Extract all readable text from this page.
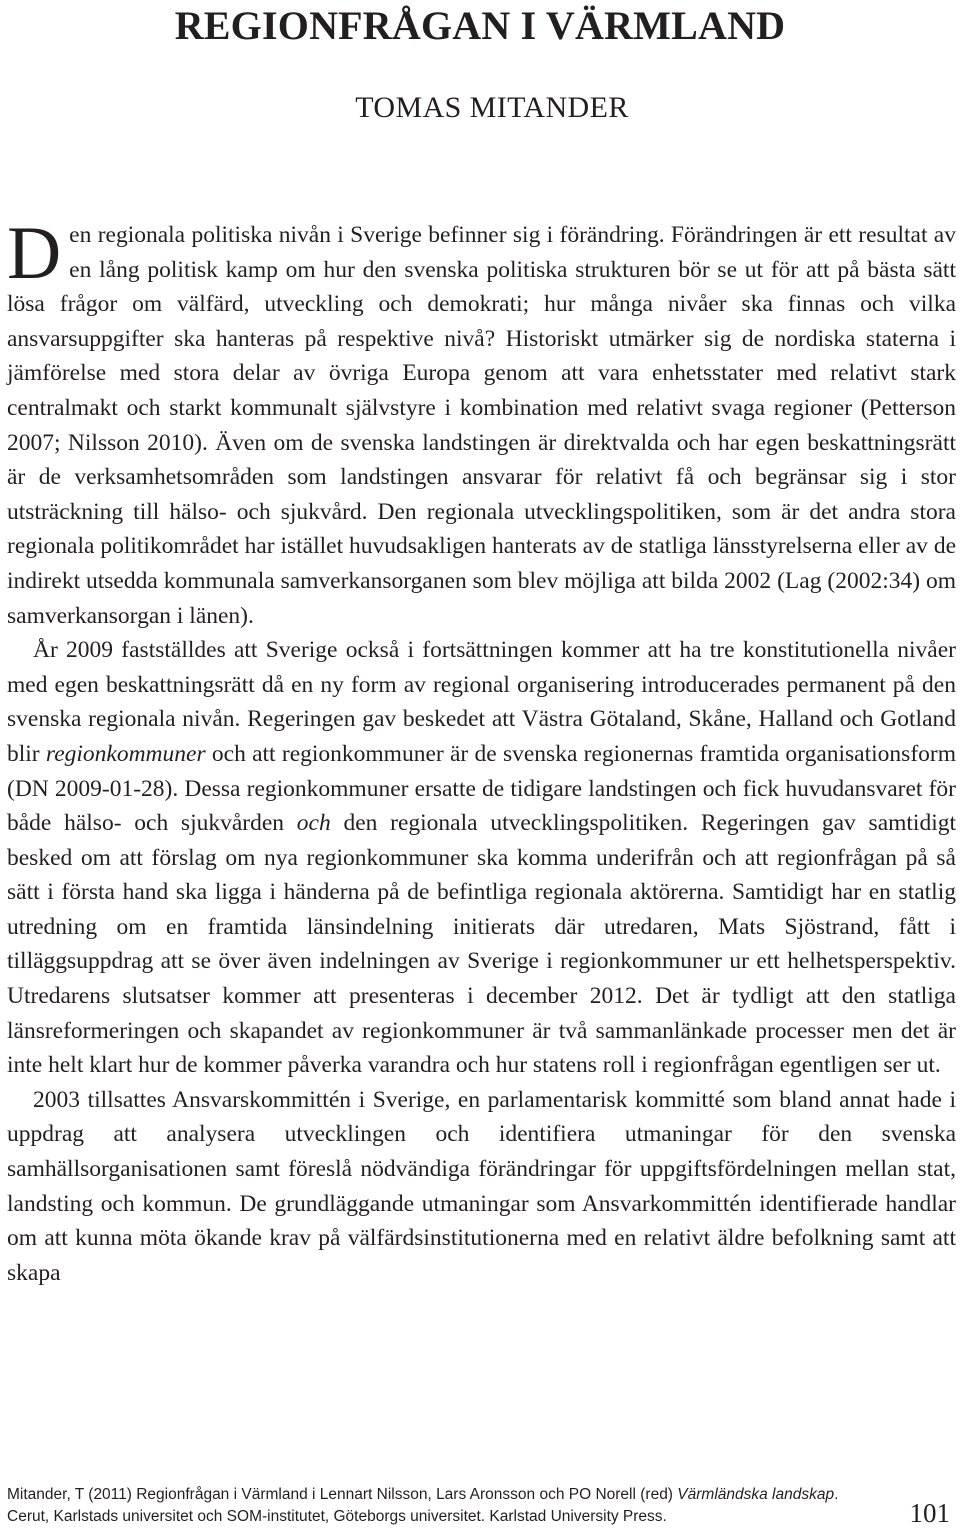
REGIONFRÅGAN I VÄRMLAND
TOMAS MITANDER

Den regionala politiska nivån i Sverige befinner sig i förändring. Förändringen är ett resultat av en lång politisk kamp om hur den svenska politiska strukturen bör se ut för att på bästa sätt lösa frågor om välfärd, utveckling och demokrati; hur många nivåer ska finnas och vilka ansvarsuppgifter ska hanteras på respektive nivå? Historiskt utmärker sig de nordiska staterna i jämförelse med stora delar av övriga Europa genom att vara enhetsstater med relativt stark centralmakt och starkt kommunalt självstyre i kombination med relativt svaga regioner (Petterson 2007; Nilsson 2010). Även om de svenska landstingen är direktvalda och har egen beskattningsrätt är de verksamhetsområden som landstingen ansvarar för relativt få och begränsar sig i stor utsträckning till hälso- och sjukvård. Den regionala utvecklingspolitiken, som är det andra stora regionala politikområdet har istället huvudsakligen hanterats av de statliga länsstyrelserna eller av de indirekt utsedda kommunala samverkansorganen som blev möjliga att bilda 2002 (Lag (2002:34) om samverkansorgan i länen).

År 2009 fastställdes att Sverige också i fortsättningen kommer att ha tre konstitutionella nivåer med egen beskattningsrätt då en ny form av regional organisering introducerades permanent på den svenska regionala nivån. Regeringen gav beskedet att Västra Götaland, Skåne, Halland och Gotland blir regionkommuner och att regionkommuner är de svenska regionernas framtida organisationsform (DN 2009-01-28). Dessa regionkommuner ersatte de tidigare landstingen och fick huvudansvaret för både hälso- och sjukvården och den regionala utvecklingspolitiken. Regeringen gav samtidigt besked om att förslag om nya regionkommuner ska komma underifrån och att regionfrågan på så sätt i första hand ska ligga i händerna på de befintliga regionala aktörerna. Samtidigt har en statlig utredning om en framtida länsindelning initierats där utredaren, Mats Sjöstrand, fått i tilläggsuppdrag att se över även indelningen av Sverige i regionkommuner ur ett helhetsperspektiv. Utredarens slutsatser kommer att presenteras i december 2012. Det är tydligt att den statliga länsreformeringen och skapandet av regionkommuner är två sammanlänkade processer men det är inte helt klart hur de kommer påverka varandra och hur statens roll i regionfrågan egentligen ser ut.

2003 tillsattes Ansvarskommittén i Sverige, en parlamentarisk kommitté som bland annat hade i uppdrag att analysera utvecklingen och identifiera utmaningar för den svenska samhällsorganisationen samt föreslå nödvändiga förändringar för uppgiftsfördelningen mellan stat, landsting och kommun. De grundläggande utmaningar som Ansvarkommittén identifierade handlar om att kunna möta ökande krav på välfärdsinstitutionerna med en relativt äldre befolkning samt att skapa

Mitander, T (2011) Regionfrågan i Värmland i Lennart Nilsson, Lars Aronsson och PO Norell (red) Värmländska landskap. Cerut, Karlstads universitet och SOM-institutet, Göteborgs universitet. Karlstad University Press.	101
